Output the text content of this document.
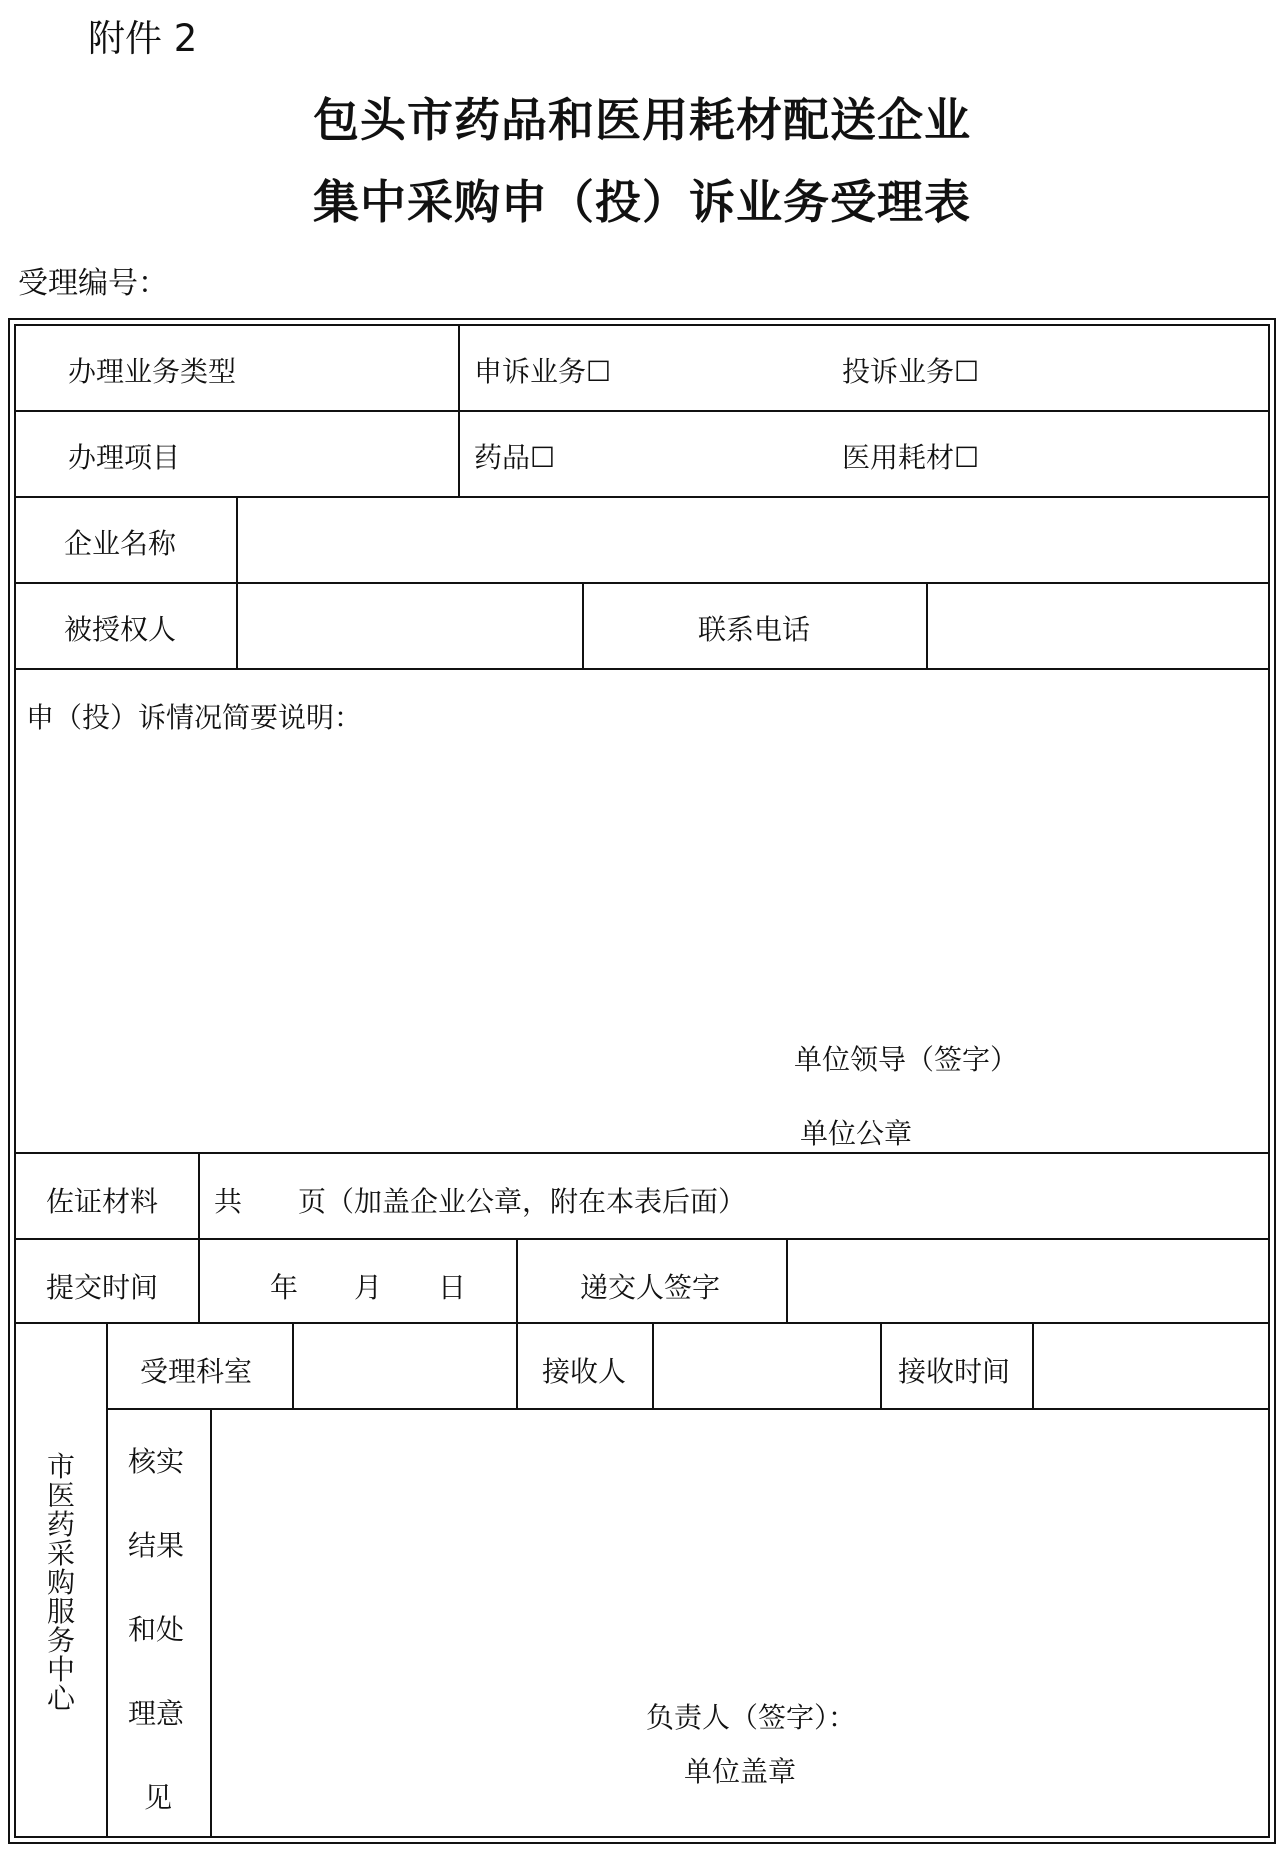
附件 2
包头市药品和医用耗材配送企业
集中采购申（投）诉业务受理表
受理编号：
办理业务类型	申诉业务☐	投诉业务☐
办理项目	药品☐	医用耗材☐
企业名称
被授权人	联系电话
申（投）诉情况简要说明：
单位领导（签字）
单位公章
佐证材料 共　　页（加盖企业公章，附在本表后面）
提交时间	年　　月　　日	递交人签字
市医药采购服务中心
受理科室	接收人	接收时间
核实
结果
和处
理意
见
负责人（签字）：
单位盖章
